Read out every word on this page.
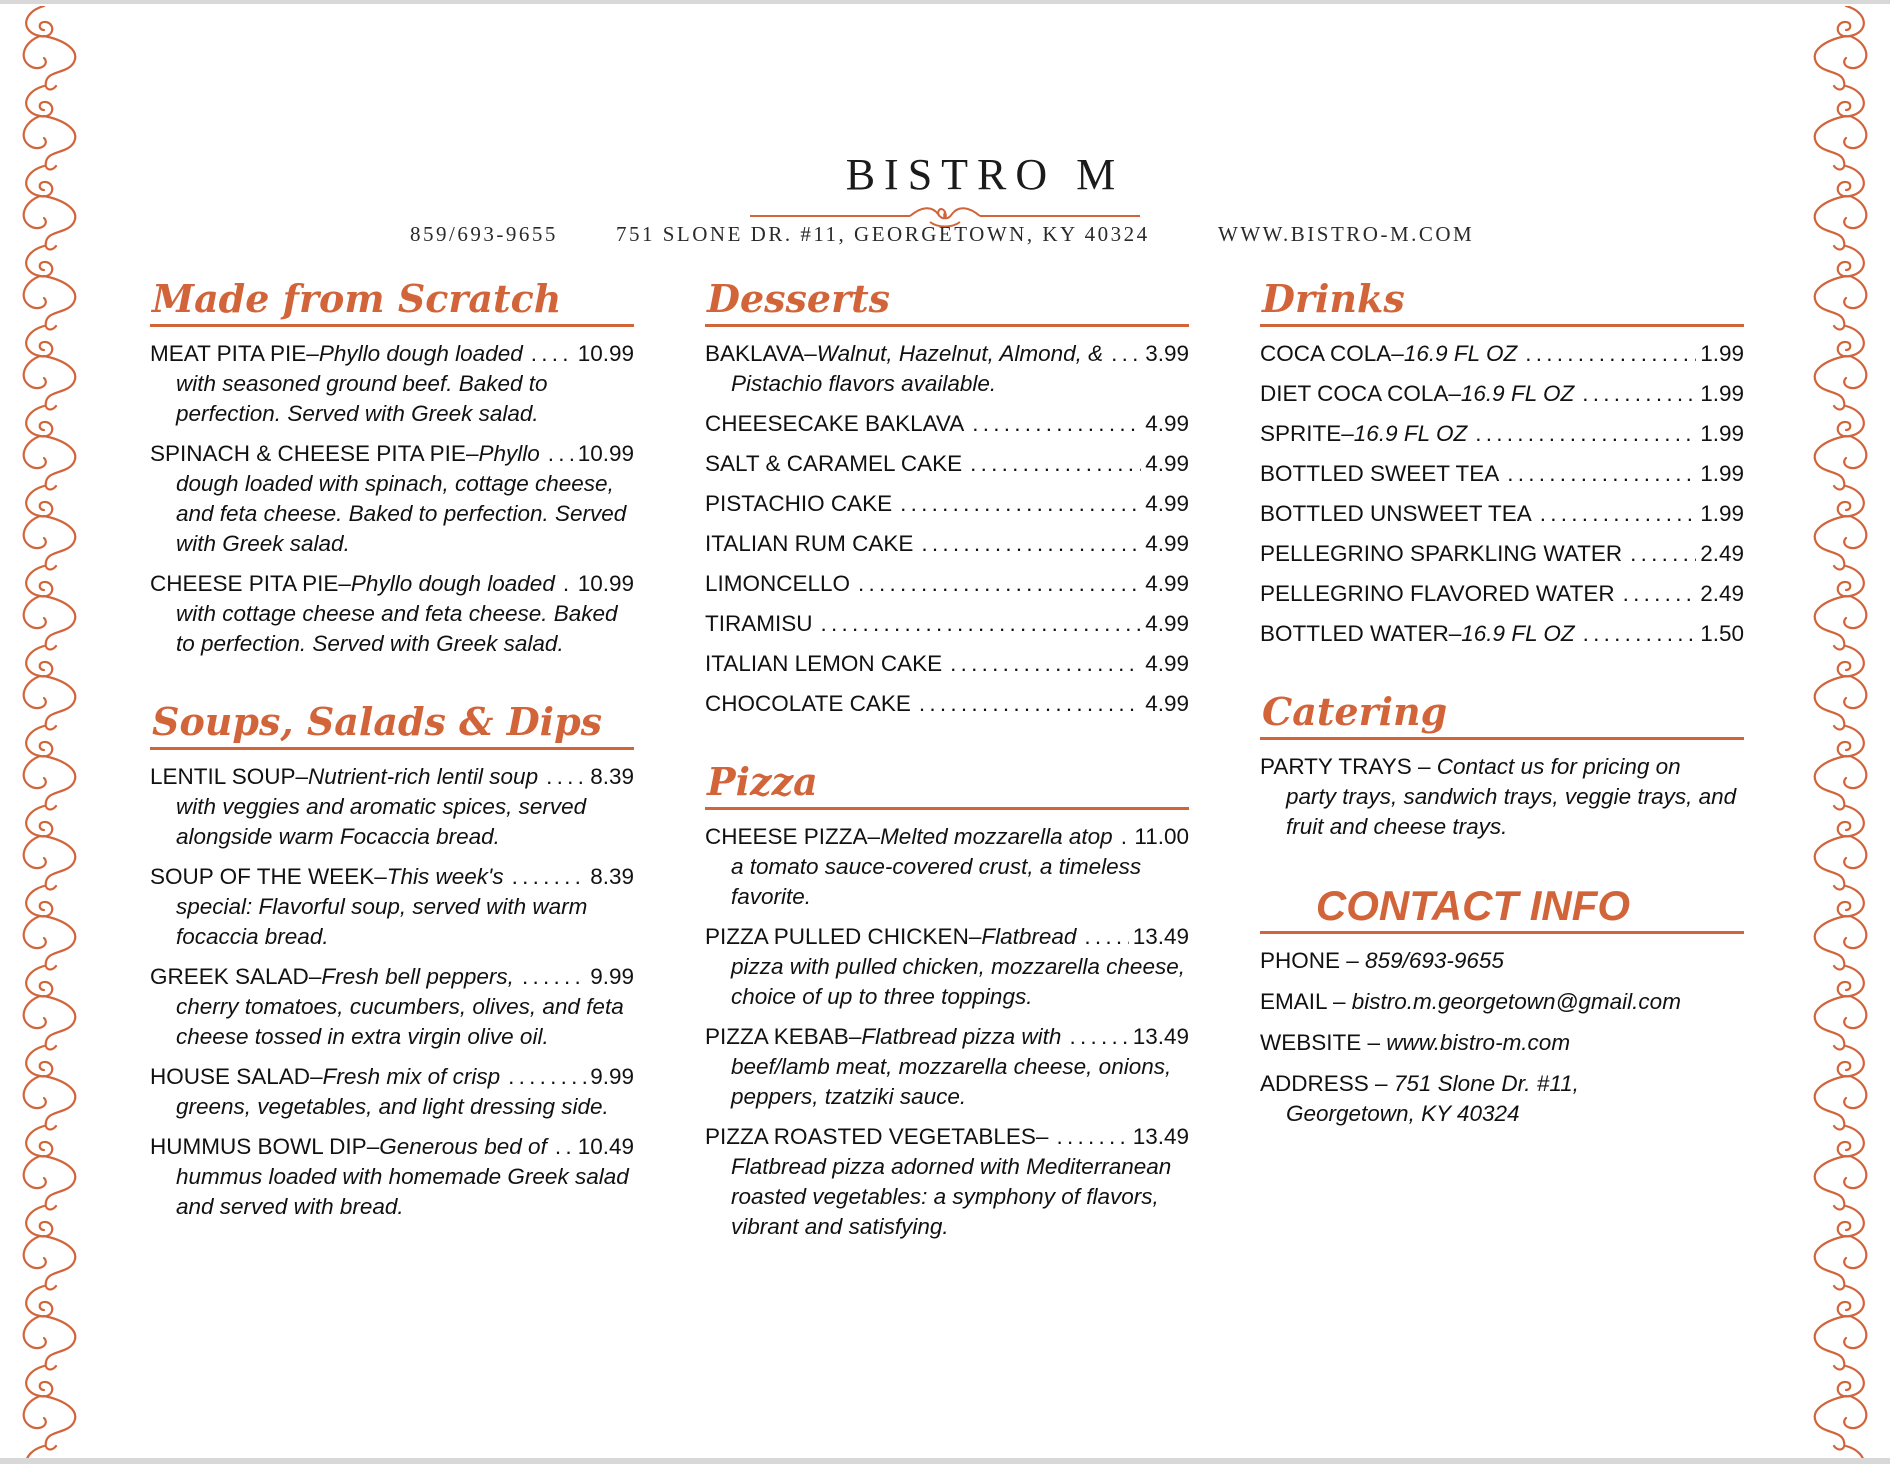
BISTRO M
859/693-9655	751 SLONE DR. #11, GEORGETOWN, KY 40324	WWW.BISTRO-M.COM
Made from Scratch
MEAT PITA PIE – Phyllo dough loaded . . . 10.99
with seasoned ground beef. Baked to perfection. Served with Greek salad.
SPINACH & CHEESE PITA PIE – Phyllo . . . 10.99
dough loaded with spinach, cottage cheese, and feta cheese. Baked to perfection. Served with Greek salad.
CHEESE PITA PIE – Phyllo dough loaded . . . 10.99
with cottage cheese and feta cheese. Baked to perfection. Served with Greek salad.
Soups, Salads & Dips
LENTIL SOUP – Nutrient-rich lentil soup . . . 8.39
with veggies and aromatic spices, served alongside warm Focaccia bread.
SOUP OF THE WEEK – This week's . . .	8.39
special: Flavorful soup, served with warm focaccia bread.
GREEK SALAD – Fresh bell peppers, . . .	9.99
cherry tomatoes, cucumbers, olives, and feta cheese tossed in extra virgin olive oil.
HOUSE SALAD – Fresh mix of crisp . . .	9.99
greens, vegetables, and light dressing side.
HUMMUS BOWL DIP – Generous bed of . . . 10.49
hummus loaded with homemade Greek salad and served with bread.
Desserts
BAKLAVA – Walnut, Hazelnut, Almond, & . . . 3.99
Pistachio flavors available.
CHEESECAKE BAKLAVA . . .	4.99
SALT & CARAMEL CAKE . . .	4.99
PISTACHIO CAKE . . .	4.99
ITALIAN RUM CAKE . . .	4.99
LIMONCELLO . . .	4.99
TIRAMISU . . .	4.99
ITALIAN LEMON CAKE . . .	4.99
CHOCOLATE CAKE . . .	4.99
Pizza
CHEESE PIZZA – Melted mozzarella atop . . . 11.00
a tomato sauce-covered crust, a timeless favorite.
PIZZA PULLED CHICKEN – Flatbread . . .	13.49
pizza with pulled chicken, mozzarella cheese, choice of up to three toppings.
PIZZA KEBAB – Flatbread pizza with . . .	13.49
beef/lamb meat, mozzarella cheese, onions, peppers, tzatziki sauce.
PIZZA ROASTED VEGETABLES – . . .	13.49
Flatbread pizza adorned with Mediterranean roasted vegetables: a symphony of flavors, vibrant and satisfying.
Drinks
COCA COLA – 16.9 FL OZ . . .	1.99
DIET COCA COLA – 16.9 FL OZ . . .	1.99
SPRITE – 16.9 FL OZ . . .	1.99
BOTTLED SWEET TEA . . .	1.99
BOTTLED UNSWEET TEA . . .	1.99
PELLEGRINO SPARKLING WATER . . .	2.49
PELLEGRINO FLAVORED WATER . . .	2.49
BOTTLED WATER – 16.9 FL OZ . . .	1.50
Catering
PARTY TRAYS – Contact us for pricing on
party trays, sandwich trays, veggie trays, and fruit and cheese trays.
CONTACT INFO
PHONE – 859/693-9655
EMAIL – bistro.m.georgetown@gmail.com
WEBSITE – www.bistro-m.com
ADDRESS – 751 Slone Dr. #11,
Georgetown, KY 40324
